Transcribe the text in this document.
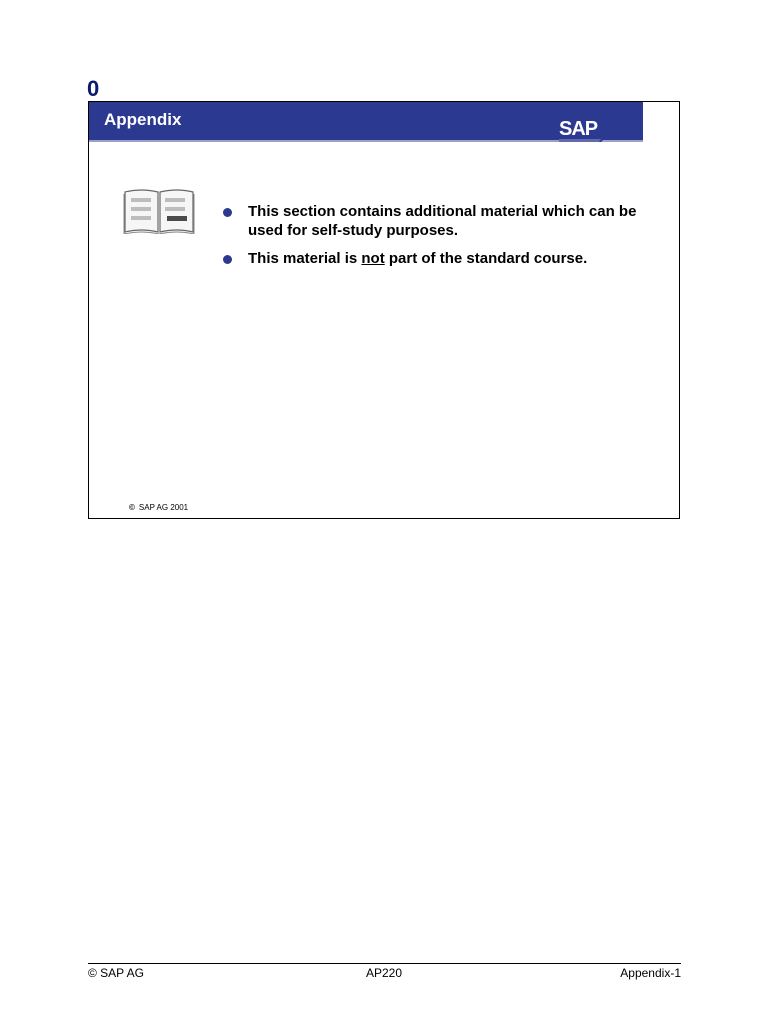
0
Appendix	SAP
This section contains additional material which can be used for self-study purposes.
This material is not part of the standard course.
© SAP AG 2001
© SAP AG	AP220	Appendix-1
